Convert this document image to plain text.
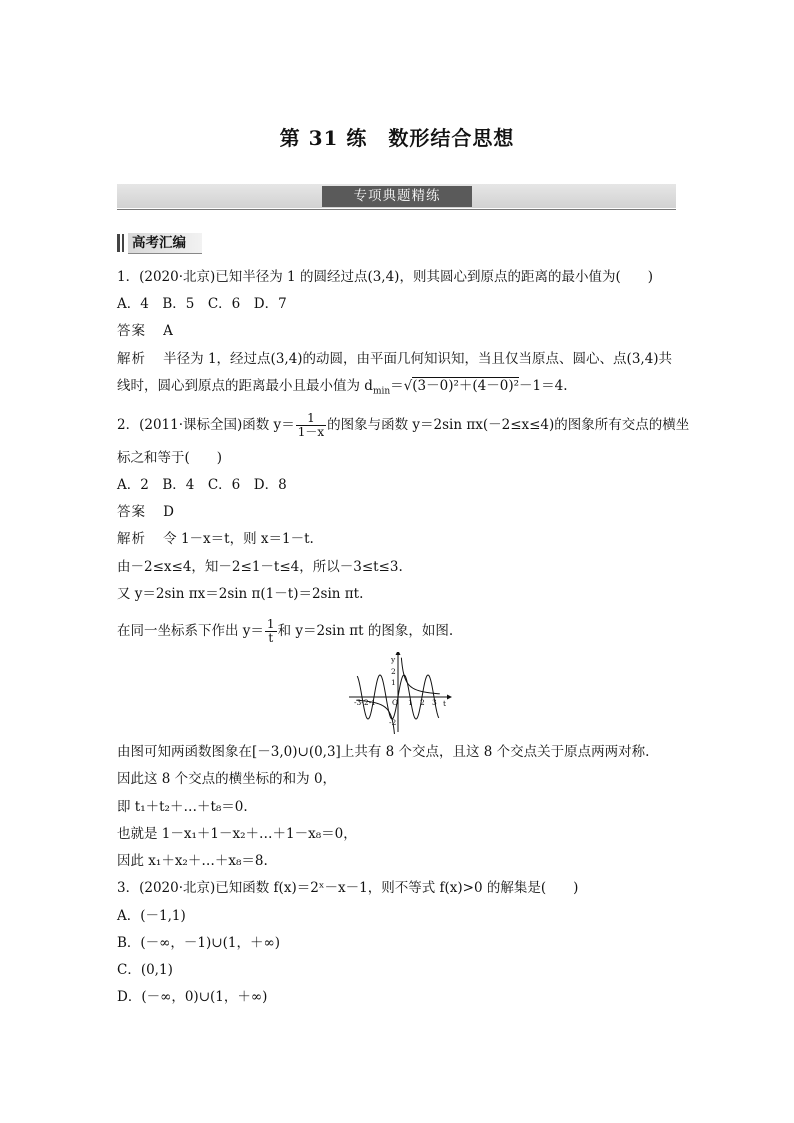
第 31 练　数形结合思想
专项典题精练
高考汇编
1．(2020·北京)已知半径为 1 的圆经过点(3,4)，则其圆心到原点的距离的最小值为(　　)
A．4　B．5　C．6　D．7
答案 A
解析 半径为 1，经过点(3,4)的动圆，由平面几何知识知，当且仅当原点、圆心、点(3,4)共
线时，圆心到原点的距离最小且最小值为 $d_{min}=√(3-0)^2+(4-0)^2-1=4$.
2．(2011·课标全国)函数 $y= \frac{1}{1-x}$ 的图象与函数 y＝2sin πx(－2≤x≤4)的图象所有交点的横坐
标之和等于(　　)
A．2　B．4　C．6　D．8
答案 D
解析 令 1－x＝t，则 x＝1－t.
由－2≤x≤4，知－2≤1－t≤4，所以－3≤t≤3.
又 y＝2sin πx＝2sin π(1－t)＝2sin πt.
在同一坐标系下作出 $y= \frac{1}{t}$ 和 y＝2sin πt 的图象，如图.
y
t
2
1
-2
-3-2-1 O 1 2 3
由图可知两函数图象在[－3,0)∪(0,3]上共有 8 个交点，且这 8 个交点关于原点两两对称.
因此这 8 个交点的横坐标的和为 0，
即 t₁＋t₂＋…＋t₈＝0.
也就是 1－x₁＋1－x₂＋…＋1－x₈＝0，
因此 x₁＋x₂＋…＋x₈＝8.
3．(2020·北京)已知函数 f(x)＝2ˣ－x－1，则不等式 f(x)>0 的解集是(　　)
A．(－1,1)
B．(－∞，－1)∪(1，＋∞)
C．(0,1)
D．(－∞，0)∪(1，＋∞)
